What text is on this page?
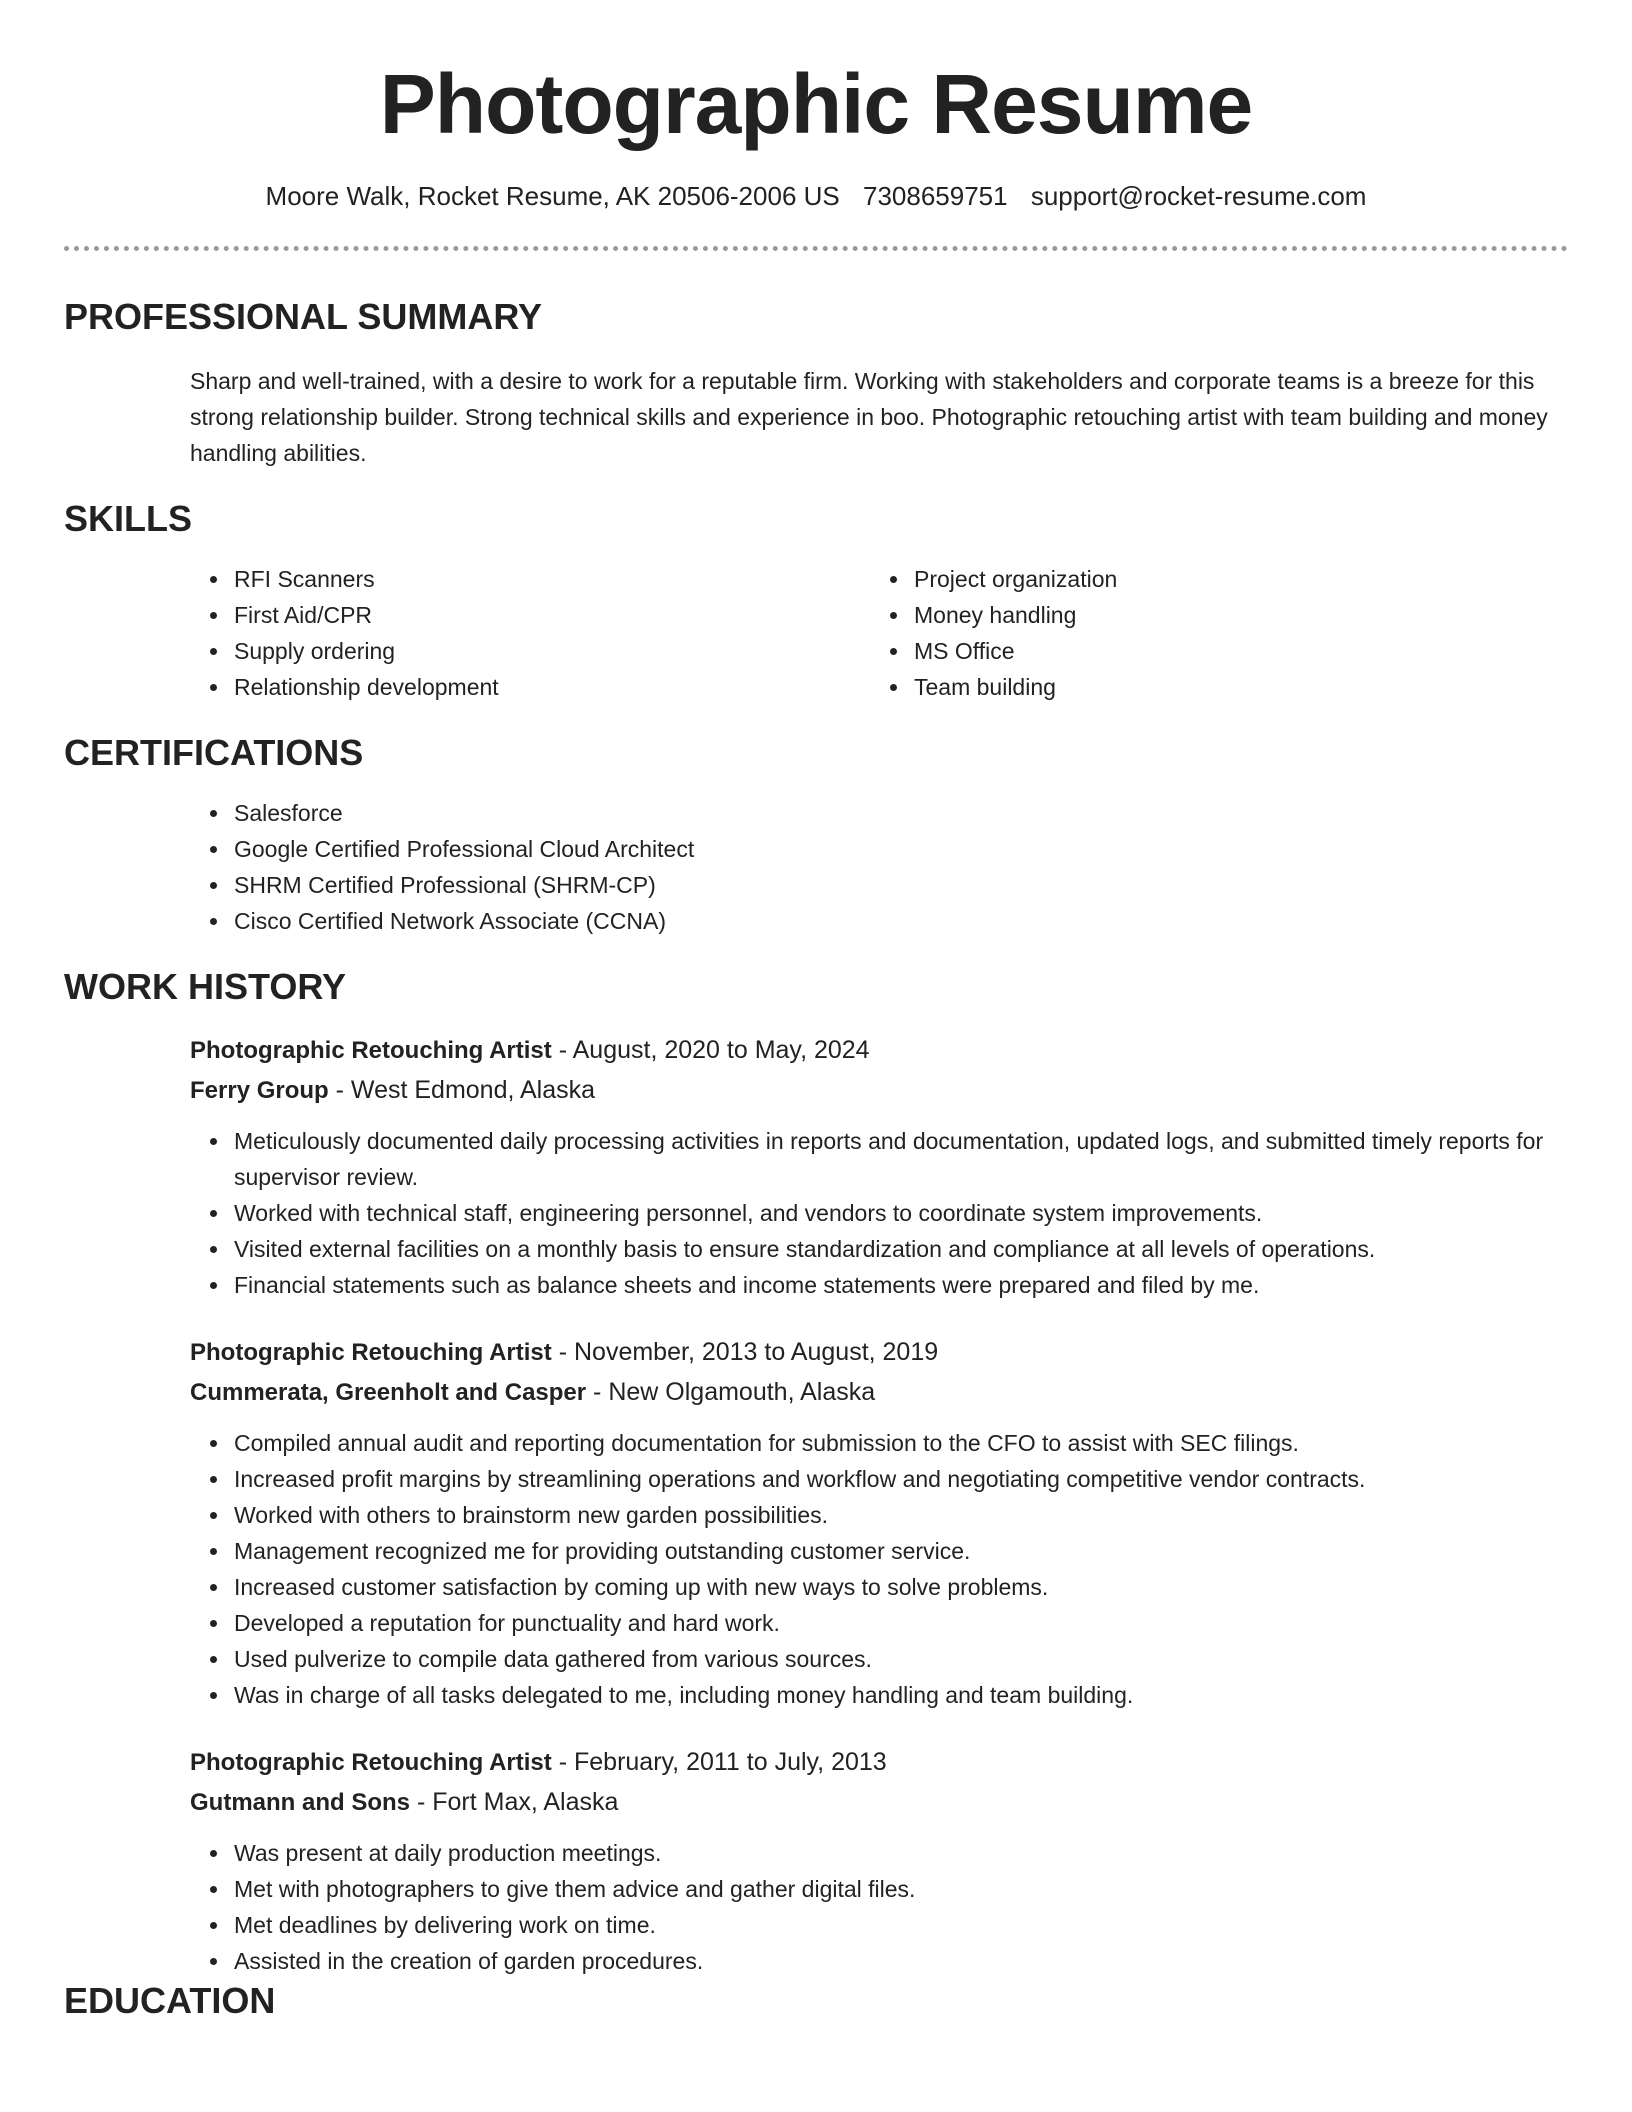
Photographic Resume
Moore Walk, Rocket Resume, AK 20506-2006 US 7308659751 support@rocket-resume.com
PROFESSIONAL SUMMARY

Sharp and well-trained, with a desire to work for a reputable firm. Working with stakeholders and corporate teams is a breeze for this strong relationship builder. Strong technical skills and experience in boo. Photographic retouching artist with team building and money handling abilities.

SKILLS
RFI Scanners
First Aid/CPR
Supply ordering
Relationship development
Project organization
Money handling
MS Office
Team building
CERTIFICATIONS
Salesforce
Google Certified Professional Cloud Architect
SHRM Certified Professional (SHRM-CP)
Cisco Certified Network Associate (CCNA)
WORK HISTORY
Photographic Retouching Artist - August, 2020 to May, 2024
Ferry Group - West Edmond, Alaska
Meticulously documented daily processing activities in reports and documentation, updated logs, and submitted timely reports for supervisor review.
Worked with technical staff, engineering personnel, and vendors to coordinate system improvements.
Visited external facilities on a monthly basis to ensure standardization and compliance at all levels of operations.
Financial statements such as balance sheets and income statements were prepared and filed by me.
Photographic Retouching Artist - November, 2013 to August, 2019
Cummerata, Greenholt and Casper - New Olgamouth, Alaska
Compiled annual audit and reporting documentation for submission to the CFO to assist with SEC filings.
Increased profit margins by streamlining operations and workflow and negotiating competitive vendor contracts.
Worked with others to brainstorm new garden possibilities.
Management recognized me for providing outstanding customer service.
Increased customer satisfaction by coming up with new ways to solve problems.
Developed a reputation for punctuality and hard work.
Used pulverize to compile data gathered from various sources.
Was in charge of all tasks delegated to me, including money handling and team building.
Photographic Retouching Artist - February, 2011 to July, 2013
Gutmann and Sons - Fort Max, Alaska
Was present at daily production meetings.
Met with photographers to give them advice and gather digital files.
Met deadlines by delivering work on time.
Assisted in the creation of garden procedures.
EDUCATION
